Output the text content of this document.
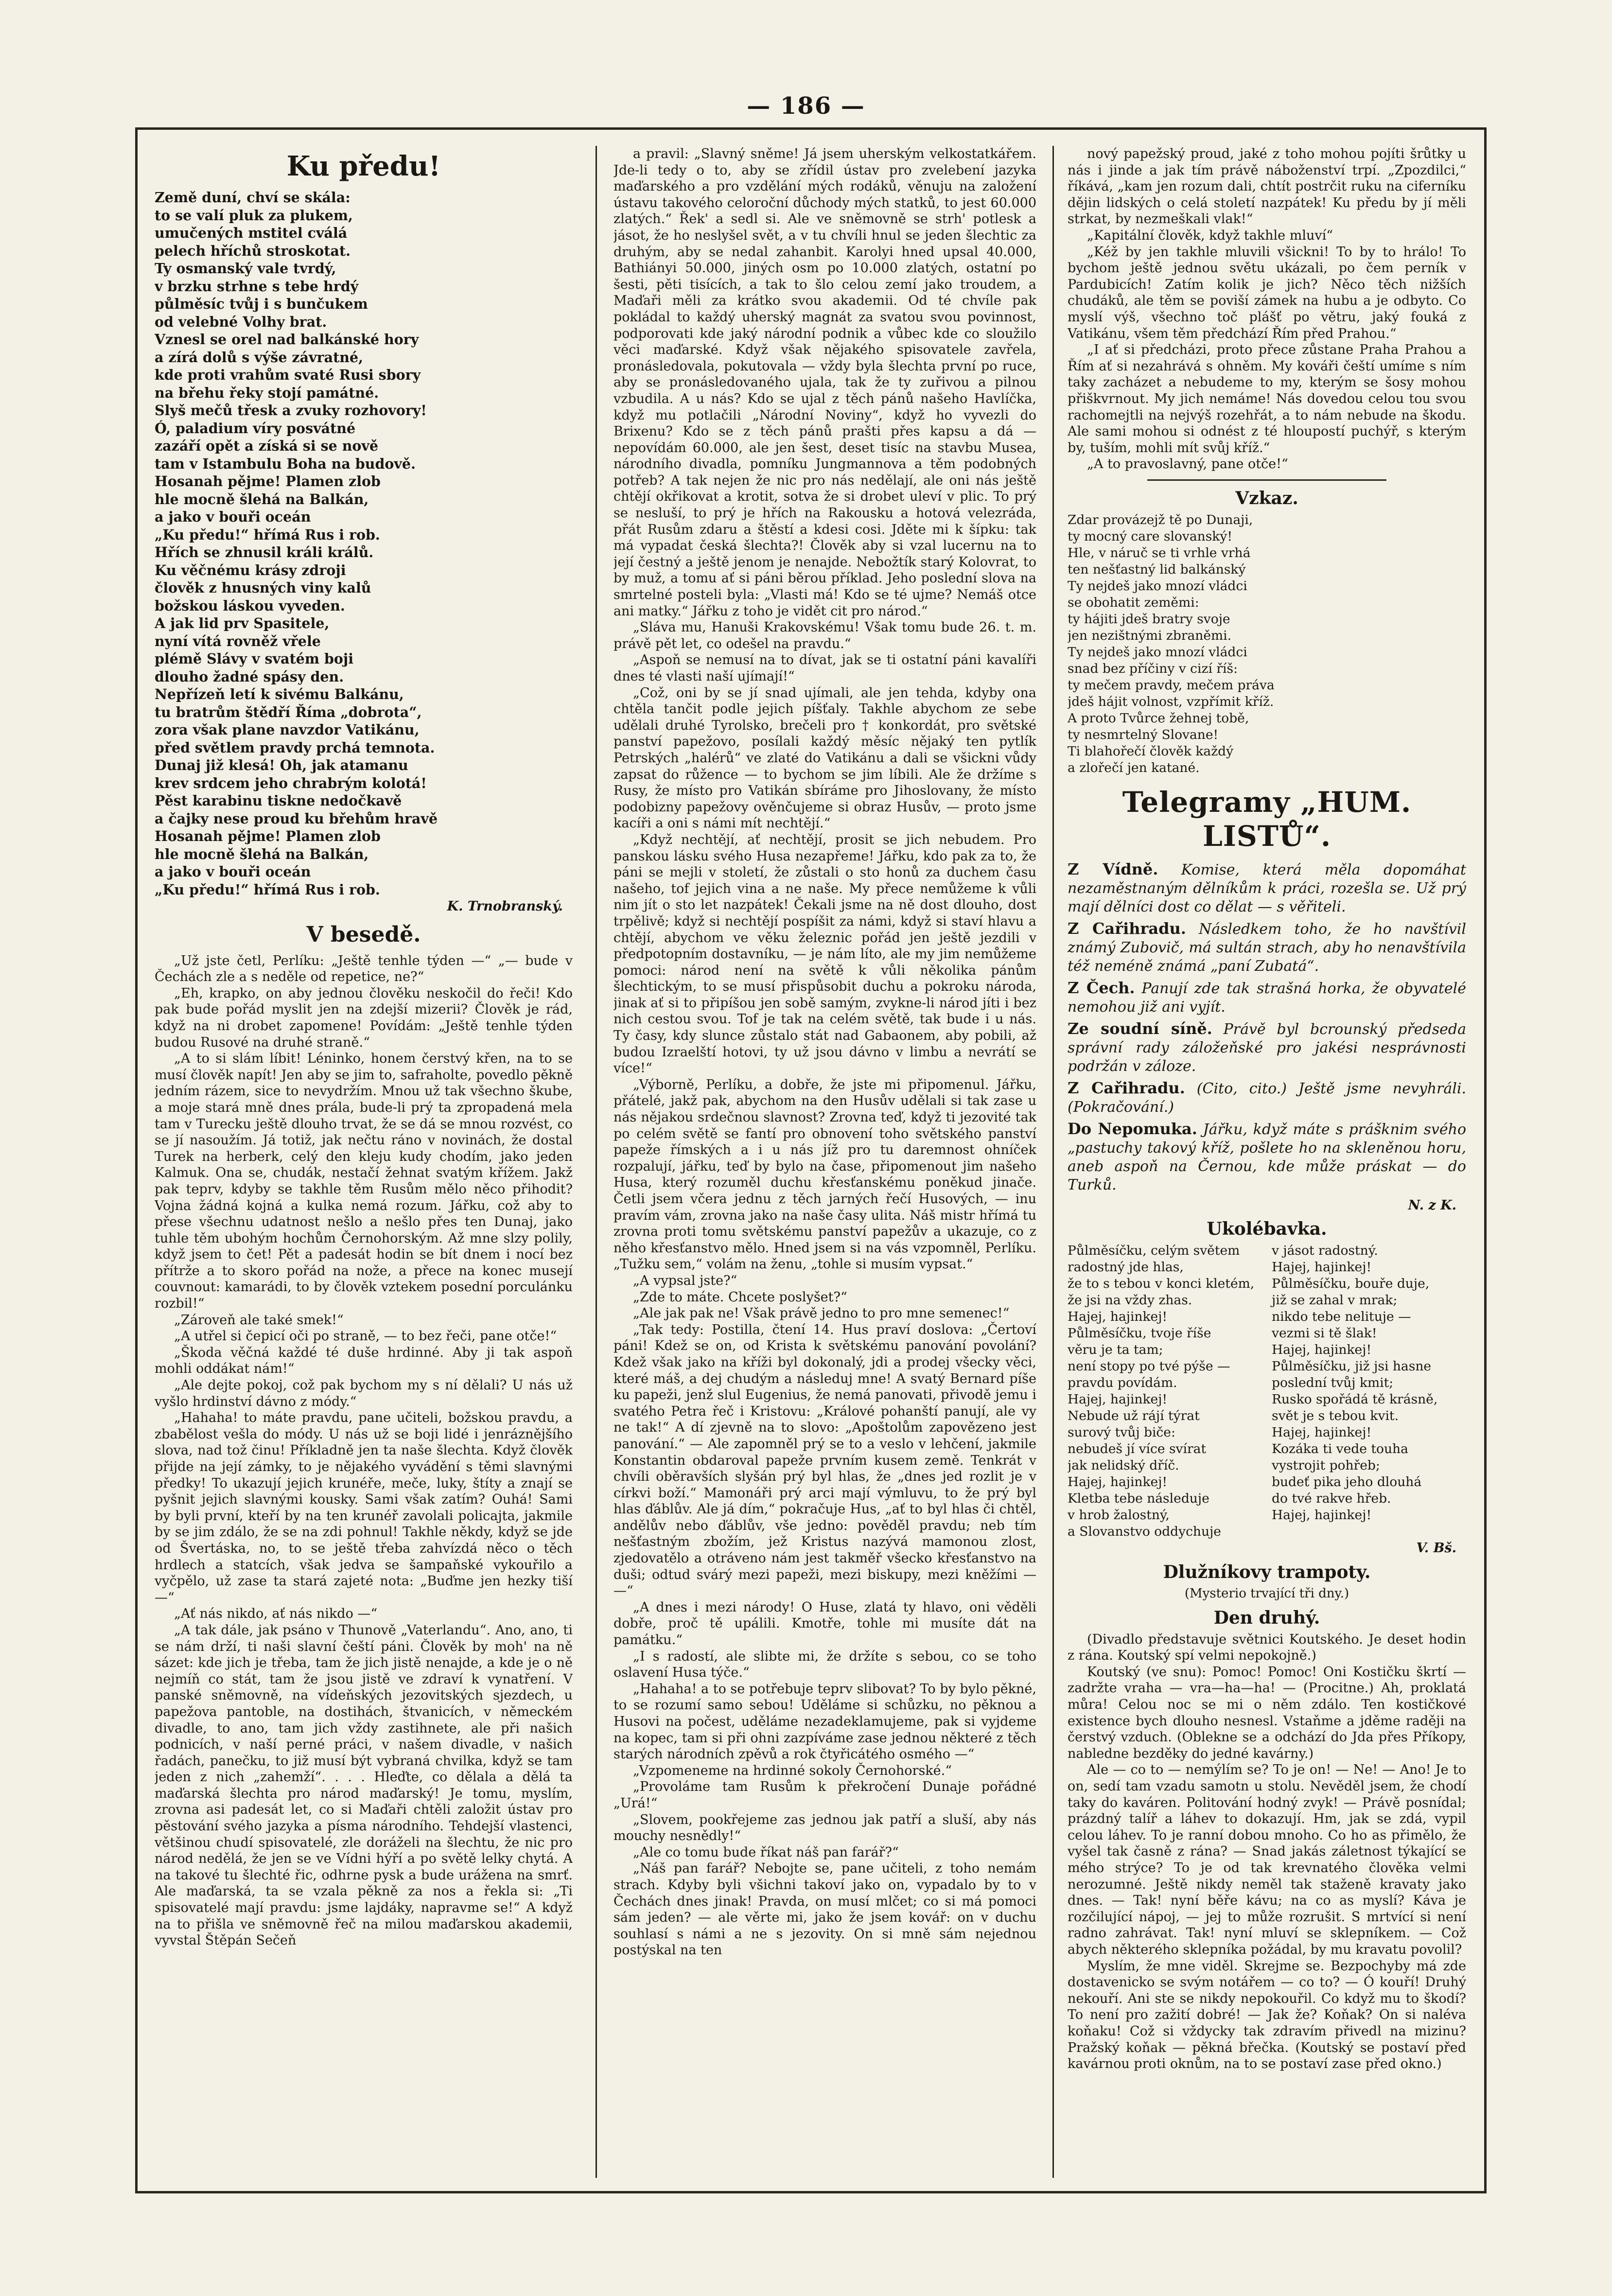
— 186 —
Ku předu!

Země duní, chví se skála:

to se valí pluk za plukem,

umučených mstitel cválá

pelech hříchů stroskotat.

Ty osmanský vale tvrdý,

v brzku strhne s tebe hrdý

půlměsíc tvůj i s bunčukem

od velebné Volhy brat.

Vznesl se orel nad balkánské hory

a zírá dolů s výše závratné,

kde proti vrahům svaté Rusi sbory

na břehu řeky stojí památné.

Slyš mečů třesk a zvuky rozhovory!

Ó, paladium víry posvátné

zazáří opět a získá si se nově

tam v Istambulu Boha na budově.

Hosanah pějme! Plamen zlob

hle mocně šlehá na Balkán,

a jako v bouři oceán

„Ku předu!“ hřímá Rus i rob.

Hřích se zhnusil králi králů.

Ku věčnému krásy zdroji

člověk z hnusných viny kalů

božskou láskou vyveden.

A jak lid prv Spasitele,

nyní vítá rovněž vřele

plémě Slávy v svatém boji

dlouho žadné spásy den.

Nepřízeň letí k sivému Balkánu,

tu bratrům štědří Říma „dobrota“,

zora však plane navzdor Vatikánu,

před světlem pravdy prchá temnota.

Dunaj již klesá! Oh, jak atamanu

krev srdcem jeho chrabrým kolotá!

Pěst karabinu tiskne nedočkavě

a čajky nese proud ku břehům hravě

Hosanah pějme! Plamen zlob

hle mocně šlehá na Balkán,

a jako v bouři oceán

„Ku předu!“ hřímá Rus i rob.

K. Trnobranský.

V besedě.

„Už jste četl, Perlíku: „Ještě tenhle týden —“ „— bude v Čechách zle a s neděle od repetice, ne?“

„Eh, krapko, on aby jednou člověku neskočil do řeči! Kdo pak bude pořád myslit jen na zdejší mizerii? Člověk je rád, když na ni drobet zapomene! Povídám: „Ještě tenhle týden budou Rusové na druhé straně.“

„A to si slám líbit! Léninko, honem čerstvý křen, na to se musí člověk napít! Jen aby se jim to, safraholte, povedlo pěkně jedním rázem, sice to nevydržím. Mnou už tak všechno škube, a moje stará mně dnes prála, bude-li prý ta zpropadená mela tam v Turecku ještě dlouho trvat, že se dá se mnou rozvést, co se jí nasoužím. Já totiž, jak nečtu ráno v novinách, že dostal Turek na herberk, celý den kleju kudy chodím, jako jeden Kalmuk. Ona se, chudák, nestačí žehnat svatým křížem. Jakž pak teprv, kdyby se takhle těm Rusům mělo něco přihodit? Vojna žádná kojná a kulka nemá rozum. Jářku, což aby to přese všechnu udatnost nešlo a nešlo přes ten Dunaj, jako tuhle těm ubohým hochům Černohorským. Až mne slzy polily, když jsem to čet! Pět a padesát hodin se bít dnem i nocí bez přítrže a to skoro pořád na nože, a přece na konec musejí couvnout: kamarádi, to by člověk vztekem posední porculánku rozbil!“

„Zároveň ale také smek!“

„A utřel si čepicí oči po straně, — to bez řeči, pane otče!“

„Škoda věčná každé té duše hrdinné. Aby ji tak aspoň mohli oddákat nám!“

„Ale dejte pokoj, což pak bychom my s ní dělali? U nás už vyšlo hrdinství dávno z módy.“

„Hahaha! to máte pravdu, pane učiteli, božskou pravdu, a zbabělost vešla do módy. U nás už se boji lidé i jenráznějšího slova, nad tož činu! Příkladně jen ta naše šlechta. Když člověk přijde na její zámky, to je nějakého vyvádění s těmi slavnými předky! To ukazují jejich krunéře, meče, luky, štíty a znají se pyšnit jejich slavnými kousky. Sami však zatím? Ouhá! Sami by byli první, kteří by na ten krunéř zavolali policajta, jakmile by se jim zdálo, že se na zdi pohnul! Takhle někdy, když se jde od Švertáska, no, to se ještě třeba zahvízdá něco o těch hrdlech a statcích, však jedva se šampaňské vykouřilo a vyčpělo, už zase ta stará zajeté nota: „Buďme jen hezky tiší —“

„Ať nás nikdo, ať nás nikdo —“

„A tak dále, jak psáno v Thunově „Vaterlandu“. Ano, ano, ti se nám drží, ti naši slavní čeští páni. Člověk by moh' na ně sázet: kde jich je třeba, tam že jich jistě nenajde, a kde je o ně nejmíň co stát, tam že jsou jistě ve zdraví k vynatření. V panské sněmovně, na vídeňských jezovitských sjezdech, u papežova pantoble, na dostihách, štvanicích, v německém divadle, to ano, tam jich vždy zastihnete, ale při našich podnicích, v naší perné práci, v našem divadle, v našich řadách, panečku, to již musí být vybraná chvilka, když se tam jeden z nich „zahemží“. . . . Hleďte, co dělala a dělá ta maďarská šlechta pro národ maďarský! Je tomu, myslím, zrovna asi padesát let, co si Maďaři chtěli založit ústav pro pěstování svého jazyka a písma národního. Tehdejší vlastenci, většinou chudí spisovatelé, zle doráželi na šlechtu, že nic pro národ nedělá, že jen se ve Vídni hýří a po světě lelky chytá. A na takové tu šlechté řic, odhrne pysk a bude urážena na smrť. Ale maďarská, ta se vzala pěkně za nos a řekla si: „Ti spisovatelé mají pravdu: jsme lajdáky, napravme se!“ A když na to přišla ve sněmovně řeč na milou maďarskou akademii, vyvstal Štěpán Sečeň

a pravil: „Slavný sněme! Já jsem uherským velkostatkářem. Jde-li tedy o to, aby se zřídil ústav pro zvelebení jazyka maďarského a pro vzdělání mých rodáků, věnuju na založení ústavu takového celoroční důchody mých statků, to jest 60.000 zlatých.“ Řek' a sedl si. Ale ve sněmovně se strh' potlesk a jásot, že ho neslyšel svět, a v tu chvíli hnul se jeden šlechtic za druhým, aby se nedal zahanbit. Karolyi hned upsal 40.000, Bathiányi 50.000, jiných osm po 10.000 zlatých, ostatní po šesti, pěti tisících, a tak to šlo celou zemí jako troudem, a Maďaři měli za krátko svou akademii. Od té chvíle pak pokládal to každý uherský magnát za svatou svou povinnost, podporovati kde jaký národní podnik a vůbec kde co sloužilo věci maďarské. Když však nějakého spisovatele zavřela, pronásledovala, pokutovala — vždy byla šlechta první po ruce, aby se pronásledovaného ujala, tak že ty zuřivou a pilnou vzbudila. A u nás? Kdo se ujal z těch pánů našeho Havlíčka, když mu potlačili „Národní Noviny“, když ho vyvezli do Brixenu? Kdo se z těch pánů prašti přes kapsu a dá — nepovídám 60.000, ale jen šest, deset tisíc na stavbu Musea, národního divadla, pomníku Jungmannova a těm podobných potřeb? A tak nejen že nic pro nás nedělají, ale oni nás ještě chtějí okřikovat a krotit, sotva že si drobet uleví v plic. To prý se nesluší, to prý je hřích na Rakousku a hotová velezráda, přát Rusům zdaru a štěstí a kdesi cosi. Jděte mi k šípku: tak má vypadat česká šlechta?! Člověk aby si vzal lucernu na to její čestný a ještě jenom je nenajde. Nebožtík starý Kolovrat, to by muž, a tomu ať si páni běrou příklad. Jeho poslední slova na smrtelné posteli byla: „Vlasti má! Kdo se té ujme? Nemáš otce ani matky.“ Jářku z toho je vidět cit pro národ.“

„Sláva mu, Hanuši Krakovskému! Však tomu bude 26. t. m. právě pět let, co odešel na pravdu.“

„Aspoň se nemusí na to dívat, jak se ti ostatní páni kavalíři dnes té vlasti naší ujímají!“

„Což, oni by se jí snad ujímali, ale jen tehda, kdyby ona chtěla tančit podle jejich píšťaly. Takhle abychom ze sebe udělali druhé Tyrolsko, brečeli pro † konkordát, pro světské panství papežovo, posílali každý měsíc nějaký ten pytlík Petrských „halérů“ ve zlaté do Vatikánu a dali se všickni vůdy zapsat do růžence — to bychom se jim líbili. Ale že držíme s Rusy, že místo pro Vatikán sbíráme pro Jihoslovany, že místo podobizny papežovy ověnčujeme si obraz Husův, — proto jsme kacíři a oni s námi mít nechtějí.“

„Když nechtějí, ať nechtějí, prosit se jich nebudem. Pro panskou lásku svého Husa nezapřeme! Jářku, kdo pak za to, že páni se mejli v století, že zůstali o sto honů za duchem času našeho, tof jejich vina a ne naše. My přece nemůžeme k vůli nim jít o sto let nazpátek! Čekali jsme na ně dost dlouho, dost trpělivě; když si nechtějí pospíšit za námi, když si staví hlavu a chtějí, abychom ve věku železnic pořád jen ještě jezdili v předpotopním dostavníku, — je nám líto, ale my jim nemůžeme pomoci: národ není na světě k vůli několika pánům šlechtickým, to se musí přispůsobit duchu a pokroku národa, jinak ať si to připíšou jen sobě samým, zvykne-li národ jíti i bez nich cestou svou. Tof je tak na celém světě, tak bude i u nás. Ty časy, kdy slunce zůstalo stát nad Gabaonem, aby pobili, až budou Izraelští hotovi, ty už jsou dávno v limbu a nevrátí se více!“

„Výborně, Perlíku, a dobře, že jste mi připomenul. Jářku, přátelé, jakž pak, abychom na den Husův udělali si tak zase u nás nějakou srdečnou slavnost? Zrovna teď, když ti jezovité tak po celém světě se fantí pro obnovení toho světského panství papeže římských a i u nás jíž pro tu daremnost ohníček rozpalují, jářku, teď by bylo na čase, připomenout jim našeho Husa, který rozuměl duchu křesťanskému poněkud jinače. Četli jsem včera jednu z těch jarných řečí Husových, — inu pravím vám, zrovna jako na naše časy ulita. Náš mistr hřímá tu zrovna proti tomu světskému panství papežův a ukazuje, co z něho křesťanstvo mělo. Hned jsem si na vás vzpomněl, Perlíku. „Tužku sem,“ volám na ženu, „tohle si musím vypsat.“

„A vypsal jste?“

„Zde to máte. Chcete poslyšet?“

„Ale jak pak ne! Však právě jedno to pro mne semenec!“

„Tak tedy: Postilla, čtení 14. Hus praví doslova: „Čertoví páni! Kdež se on, od Krista k světskému panování povolání? Kdež však jako na kříži byl dokonalý, jdi a prodej všecky věci, které máš, a dej chudým a následuj mne! A svatý Bernard píše ku papeži, jenž slul Eugenius, že nemá panovati, přivodě jemu i svatého Petra řeč i Kristovu: „Králové pohanští panují, ale vy ne tak!“ A dí zjevně na to slovo: „Apoštolům zapovězeno jest panování.“ — Ale zapomněl prý se to a veslo v lehčení, jakmile Konstantin obdaroval papeže prvním kusem země. Tenkrát v chvíli oběravších slyšán prý byl hlas, že „dnes jed rozlit je v církvi boží.“ Mamonáři prý arci mají výmluvu, to že prý byl hlas ďáblův. Ale já dím,“ pokračuje Hus, „ať to byl hlas či chtěl, andělův nebo ďáblův, vše jedno: pověděl pravdu; neb tím nešťastným zbožím, jež Kristus nazývá mamonou zlost, zjedovatělo a otráveno nám jest takměř všecko křesťanstvo na duši; odtud svárý mezi papeži, mezi biskupy, mezi kněžími — —“

„A dnes i mezi národy! O Huse, zlatá ty hlavo, oni věděli dobře, proč tě upálili. Kmotře, tohle mi musíte dát na památku.“

„I s radostí, ale slibte mi, že držíte s sebou, co se toho oslavení Husa týče.“

„Hahaha! a to se potřebuje teprv slibovat? To by bylo pěkné, to se rozumí samo sebou! Uděláme si schůzku, no pěknou a Husovi na počest, uděláme nezadeklamujeme, pak si vyjdeme na kopec, tam si při ohni zazpíváme zase jednou některé z těch starých národních zpěvů a rok čtyřicátého osmého —“

„Vzpomeneme na hrdinné sokoly Černohorské.“

„Provoláme tam Rusům k překročení Dunaje pořádné „Urá!“

„Slovem, pookřejeme zas jednou jak patří a sluší, aby nás mouchy nesnědly!“

„Ale co tomu bude říkat náš pan farář?“

„Náš pan farář? Nebojte se, pane učiteli, z toho nemám strach. Kdyby byli všichni takoví jako on, vypadalo by to v Čechách dnes jinak! Pravda, on musí mlčet; co si má pomoci sám jeden? — ale věrte mi, jako že jsem kovář: on v duchu souhlasí s námi a ne s jezovity. On si mně sám nejednou postýskal na ten

nový papežský proud, jaké z toho mohou pojíti šrůtky u nás i jinde a jak tím právě náboženství trpí. „Zpozdilci,“ říkává, „kam jen rozum dali, chtít postrčit ruku na ciferníku dějin lidských o celá století nazpátek! Ku předu by jí měli strkat, by nezmeškali vlak!“

„Kapitální člověk, když takhle mluví“

„Kéž by jen takhle mluvili všickni! To by to hrálo! To bychom ještě jednou světu ukázali, po čem perník v Pardubicích! Zatím kolik je jich? Něco těch nižších chudáků, ale těm se poviší zámek na hubu a je odbyto. Co myslí výš, všechno toč plášť po větru, jaký fouká z Vatikánu, všem těm předchází Řím před Prahou.“

„I ať si předcházi, proto přece zůstane Praha Prahou a Řím ať si nezahrává s ohněm. My kováři čeští umíme s ním taky zacházet a nebudeme to my, kterým se šosy mohou přiškvrnout. My jich nemáme! Nás dovedou celou tou svou rachomejtli na nejvýš rozehřát, a to nám nebude na škodu. Ale sami mohou si odnést z té hloupostí puchýř, s kterým by, tuším, mohli mít svůj kříž.“

„A to pravoslavný, pane otče!“

Vzkaz.

Zdar provázejž tě po Dunaji,

ty mocný care slovanský!

Hle, v náruč se ti vrhle vrhá

ten nešťastný lid balkánský

Ty nejdeš jako mnozí vládci

se obohatit zeměmi:

ty hájiti jdeš bratry svoje

jen nezištnými zbraněmi.

Ty nejdeš jako mnozí vládci

snad bez příčiny v cizí říš:

ty mečem pravdy, mečem práva

jdeš hájit volnost, vzpřímit kříž.

A proto Tvůrce žehnej tobě,

ty nesmrtelný Slovane!

Ti blahořečí člověk každý

a zlořečí jen katané.

Telegramy „HUM. LISTŮ“.

Z Vídně. Komise, která měla dopomáhat nezaměstnaným dělníkům k práci, rozešla se. Už prý mají dělníci dost co dělat — s věřiteli.

Z Cařihradu. Následkem toho, že ho navštívil známý Zubovič, má sultán strach, aby ho nenavštívila též neméně známá „paní Zubatá“.

Z Čech. Panují zde tak strašná horka, že obyvatelé nemohou již ani vyjít.

Ze soudní síně. Právě byl bcrounský předseda správní rady záložeňské pro jakési nesprávnosti podržán v záloze.

Z Cařihradu. (Cito, cito.) Ještě jsme nevyhráli. (Pokračování.)

Do Nepomuka. Jářku, když máte s prášknim svého „pastuchy takový kříž, pošlete ho na skleněnou horu, aneb aspoň na Černou, kde může práskat — do Turků.

N. z K.

Ukolébavka.

Půlměsíčku, celým světem

radostný jde hlas,

že to s tebou v konci kletém,

že jsi na vždy zhas.

Hajej, hajinkej!

Půlměsíčku, tvoje říše

věru je ta tam;

není stopy po tvé pýše —

pravdu povídám.

Hajej, hajinkej!

Nebude už rájí týrat

surový tvůj biče:

nebudeš jí více svírat

jak nelidský dříč.

Hajej, hajinkej!

Kletba tebe následuje

v hrob žalostný,

a Slovanstvo oddychuje

v jásot radostný.

Hajej, hajinkej!

Půlměsíčku, bouře duje,

již se zahal v mrak;

nikdo tebe nelituje —

vezmi si tě šlak!

Hajej, hajinkej!

Půlměsíčku, již jsi hasne

poslední tvůj kmit;

Rusko spořádá tě krásně,

svět je s tebou kvit.

Hajej, hajinkej!

Kozáka ti vede touha

vystrojit pohřeb;

budeť pika jeho dlouhá

do tvé rakve hřeb.

Hajej, hajinkej!

V. Bš.

Dlužníkovy trampoty.

(Mysterio trvající tři dny.)

Den druhý.

(Divadlo představuje světnici Koutského. Je deset hodin z rána. Koutský spí velmi nepokojně.)

Koutský (ve snu): Pomoc! Pomoc! Oni Kostičku škrtí — zadržte vraha — vra—ha—ha! — (Procitne.) Ah, proklatá můra! Celou noc se mi o něm zdálo. Ten kostičkové existence bych dlouho nesnesl. Vstaňme a jděme raději na čerstvý vzduch. (Oblekne se a odchází do Jda přes Příkopy, nabledne bezděky do jedné kavárny.)

Ale — co to — nemýlím se? To je on! — Ne! — Ano! Je to on, sedí tam vzadu samotn u stolu. Nevěděl jsem, že chodí taky do kaváren. Politování hodný zvyk! — Právě posnídal; prázdný talíř a láhev to dokazují. Hm, jak se zdá, vypil celou láhev. To je ranní dobou mnoho. Co ho as přimělo, že vyšel tak časně z rána? — Snad jakás záletnost týkající se mého strýce? To je od tak krevnatého člověka velmi nerozumné. Ještě nikdy neměl tak staženě kravaty jako dnes. — Tak! nyní běře kávu; na co as myslí? Káva je rozčilující nápoj, — jej to může rozrušit. S mrtvící si není radno zahrávat. Tak! nyní mluví se sklepníkem. — Což abych některého sklepníka požádal, by mu kravatu povolil?

Myslím, že mne viděl. Skrejme se. Bezpochyby má zde dostavenicko se svým notářem — co to? — Ó kouří! Druhý nekouří. Ani ste se nikdy nepokouřil. Co když mu to škodí? To není pro zažití dobré! — Jak že? Koňak? On si naléva koňaku! Což si vždycky tak zdravím přivedl na mizinu? Pražský koňak — pěkná břečka. (Koutský se postaví před kavárnou proti oknům, na to se postaví zase před okno.)
